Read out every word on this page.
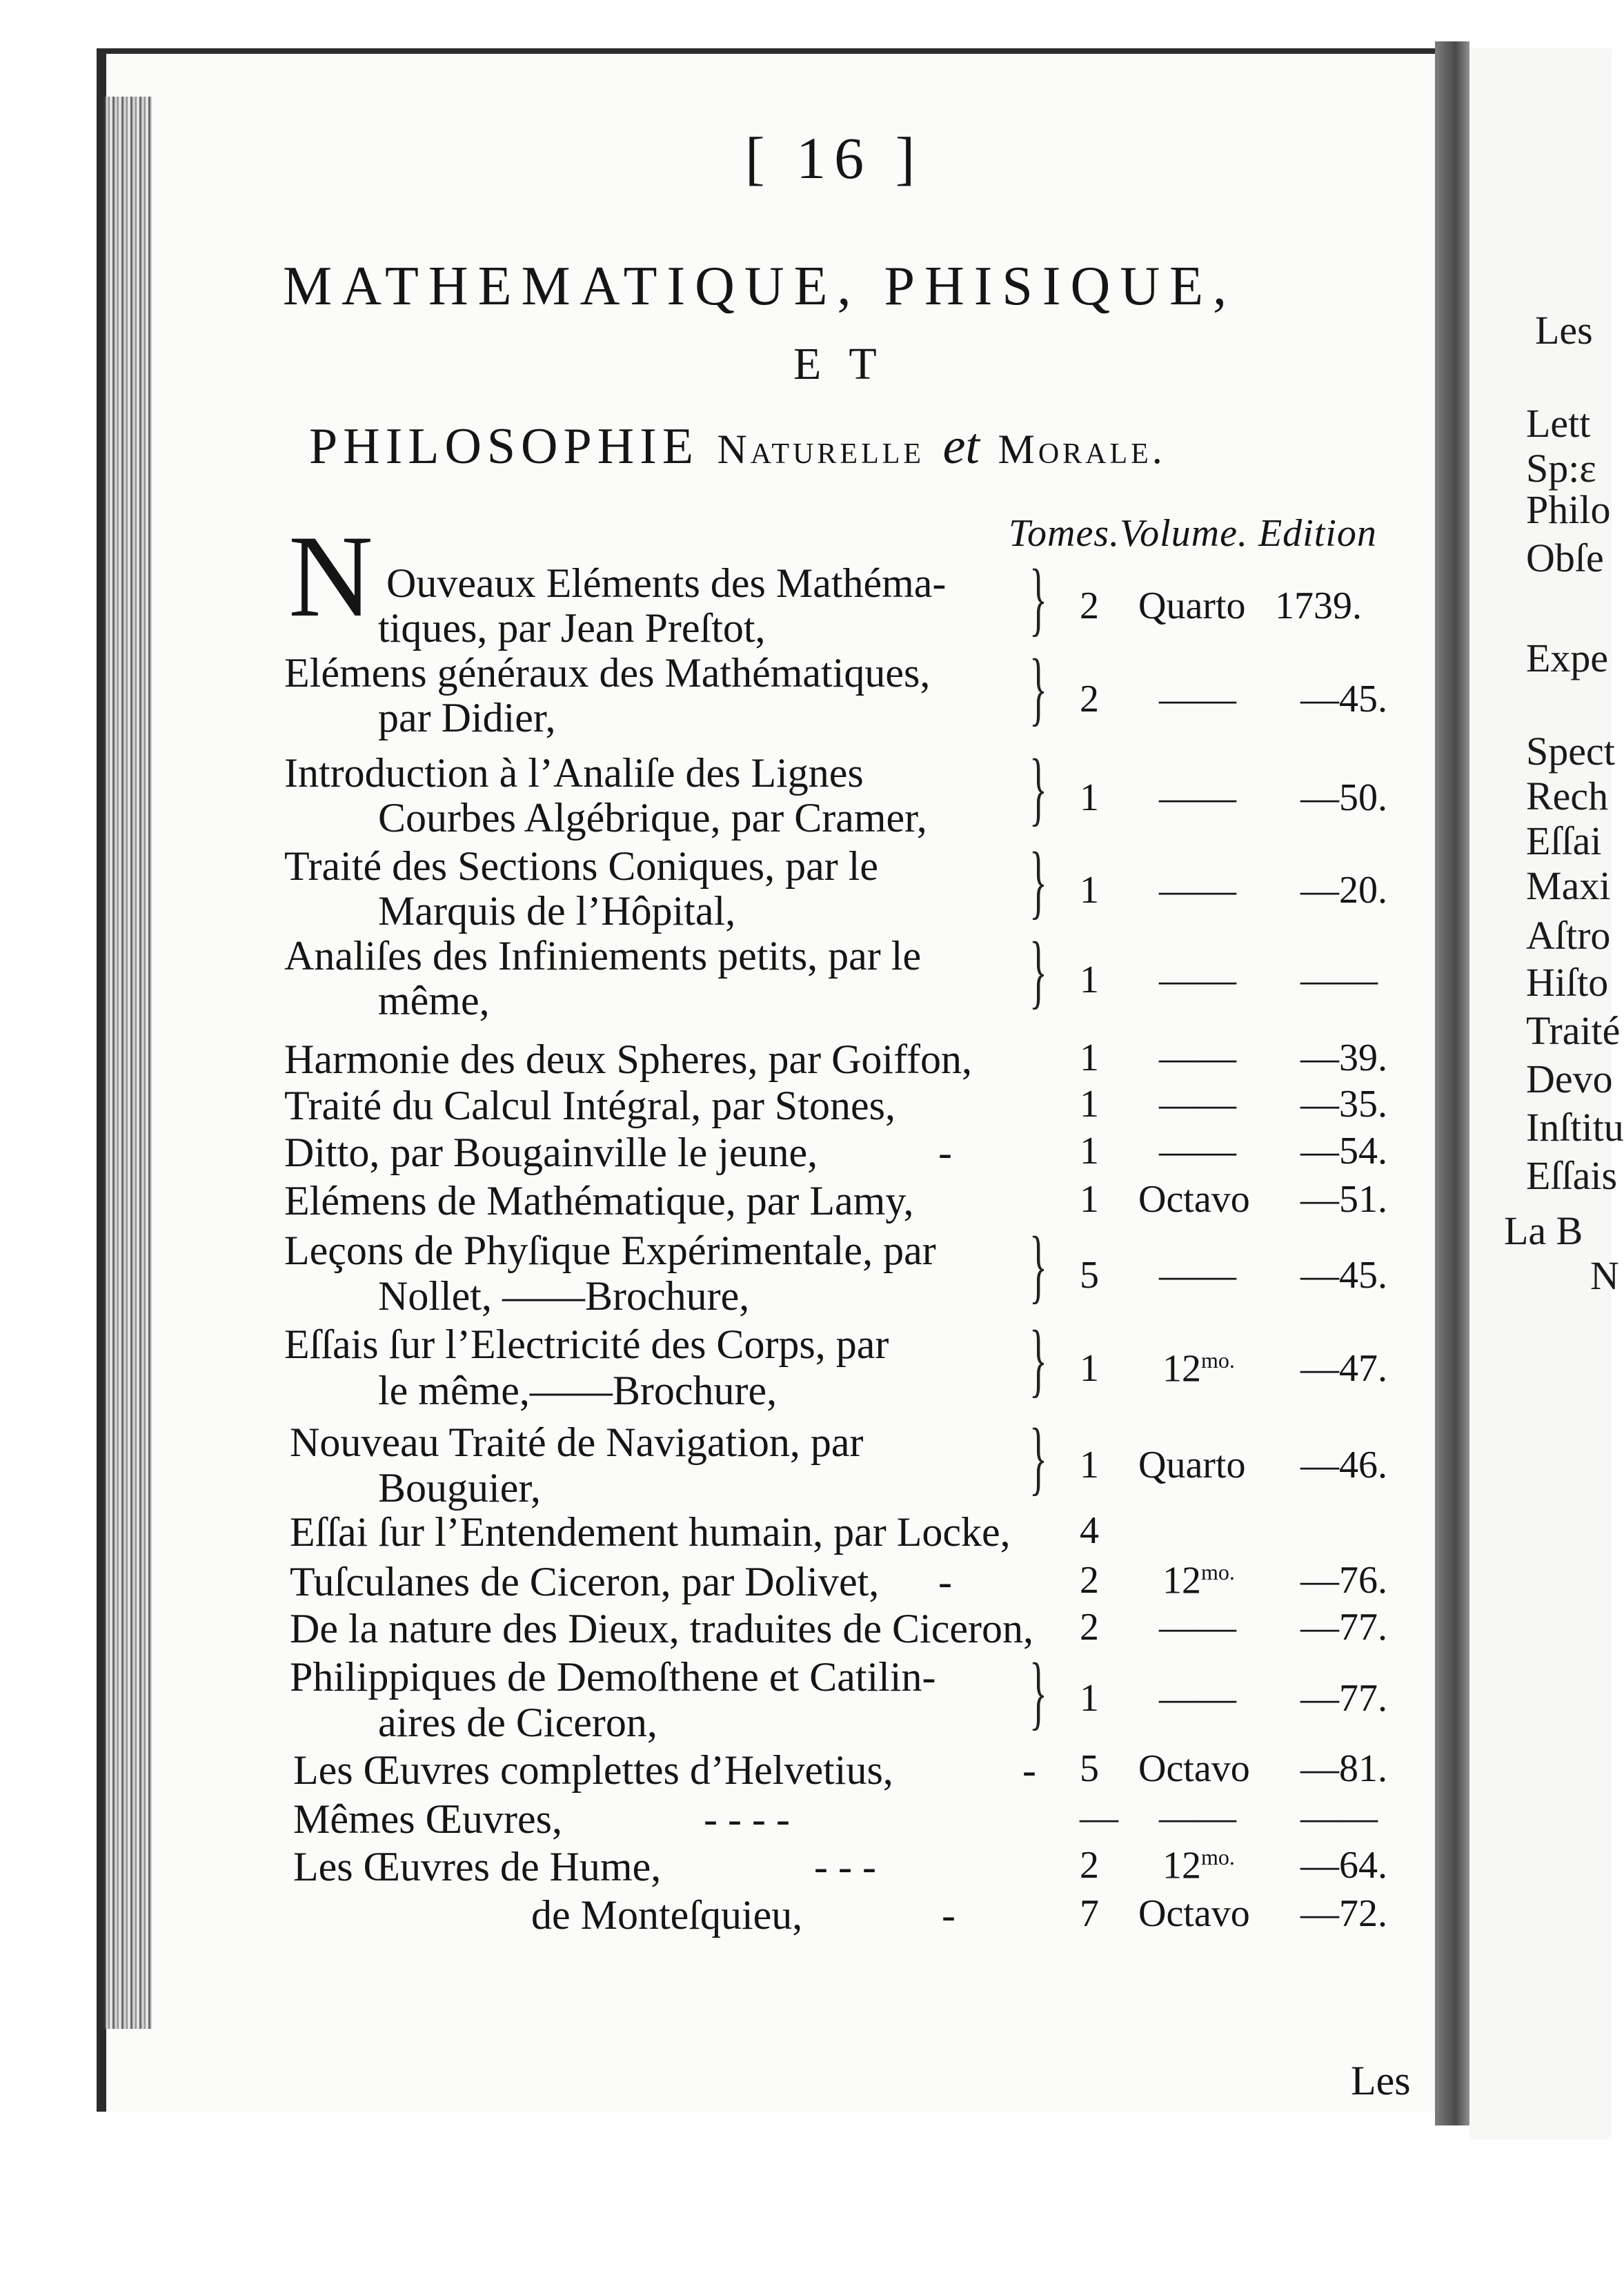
[ 16 ]
MATHEMATIQUE, PHISIQUE,
ET
PHILOSOPHIE Naturelle et Morale.
Tomes.Volume. Edition
N Ouveaux Eléments des Mathéma-
tiques, par Jean Preſtot,	} 2 Quarto 1739.
Elémens généraux des Mathématiques,
par Didier,	} 2 —— —45.
Introduction à l’Analiſe des Lignes
Courbes Algébrique, par Cramer, } 1 —— —50.
Traité des Sections Coniques, par le
Marquis de l’Hôpital,	} 1 —— —20.
Analiſes des Infiniements petits, par le
même,	} 1 —— ——
Harmonie des deux Spheres, par Goiffon,	1 —— —39.
Traité du Calcul Intégral, par Stones,	1 —— —35.
Ditto, par Bougainville le jeune,	-	1 —— —54.
Elémens de Mathématique, par Lamy,	1 Octavo —51.
Leçons de Phyſique Expérimentale, par
Nollet, ——Brochure,	} 5 —— —45.
Eſſais ſur l’Electricité des Corps, par
le même,——Brochure,	} 1 $12^{mo.}$ —47.
Nouveau Traité de Navigation, par
Bouguier,	} 1 Quarto —46.
Eſſai ſur l’Entendement humain, par Locke, 4
Tuſculanes de Ciceron, par Dolivet, -	2 $12^{mo.}$ —76.
De la nature des Dieux, traduites de Ciceron, 2 —— —77.
Philippiques de Demoſthene et Catilin-
aires de Ciceron,	} 1 —— —77.
Les Œuvres complettes d’Helvetius,	- 5 Octavo —81.
Mêmes Œuvres,	- - - -	— —— ——
Les Œuvres de Hume,	- - -	2 $12^{mo.}$ —64.
de Monteſquieu,	-	7 Octavo —72.
Les
Les
Lett
Sp:ɛ
Philo
Obſe
Expe
Spect
Rech
Eſſai
Maxi
Aſtro
Hiſto
Traité
Devo
Inſtitu
Eſſais
La B
N
